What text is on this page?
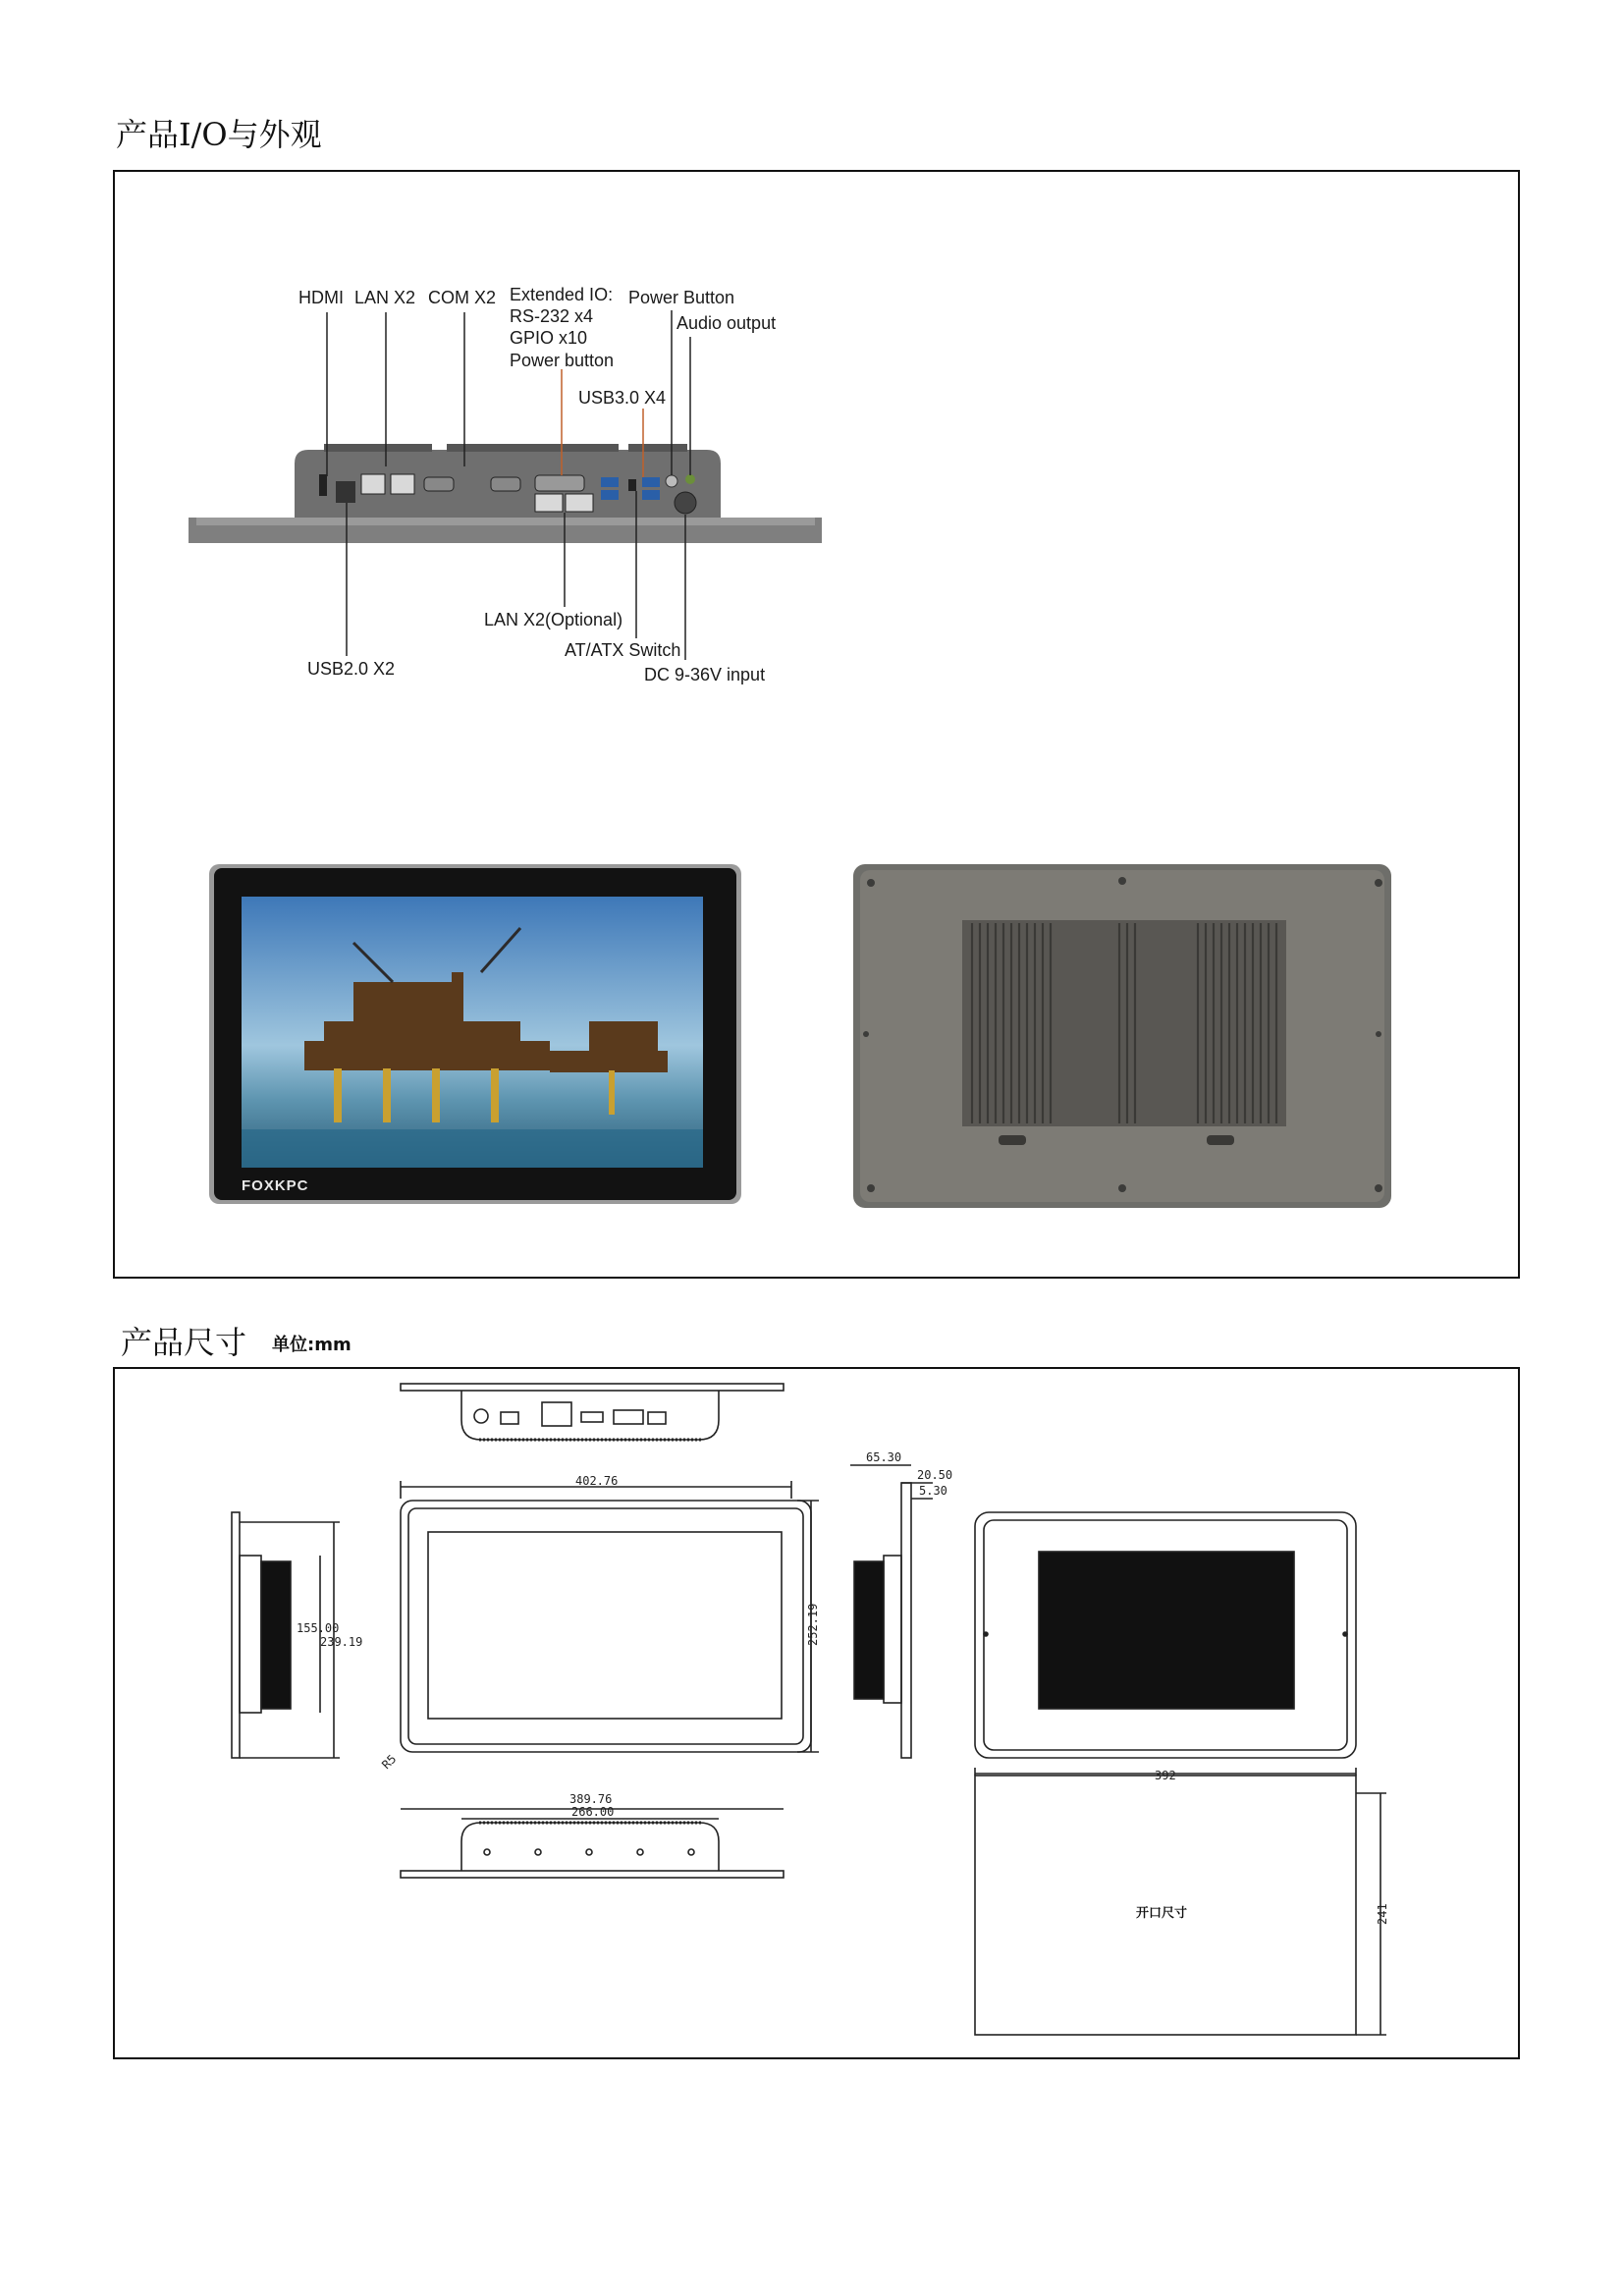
产品I/O与外观
HDMI LAN X2 COM X2 Extended IO:
RS-232 x4
GPIO x10
Power button
Power Button
Audio output
USB3.0 X4
LAN X2(Optional)
AT/ATX Switch
USB2.0 X2	DC 9-36V input
FOXKPC
产品尺寸 单位:mm
402.76
252.19
65.30
20.50
5.30
155.00
239.19
389.76
266.00
R5
392
241
开口尺寸
